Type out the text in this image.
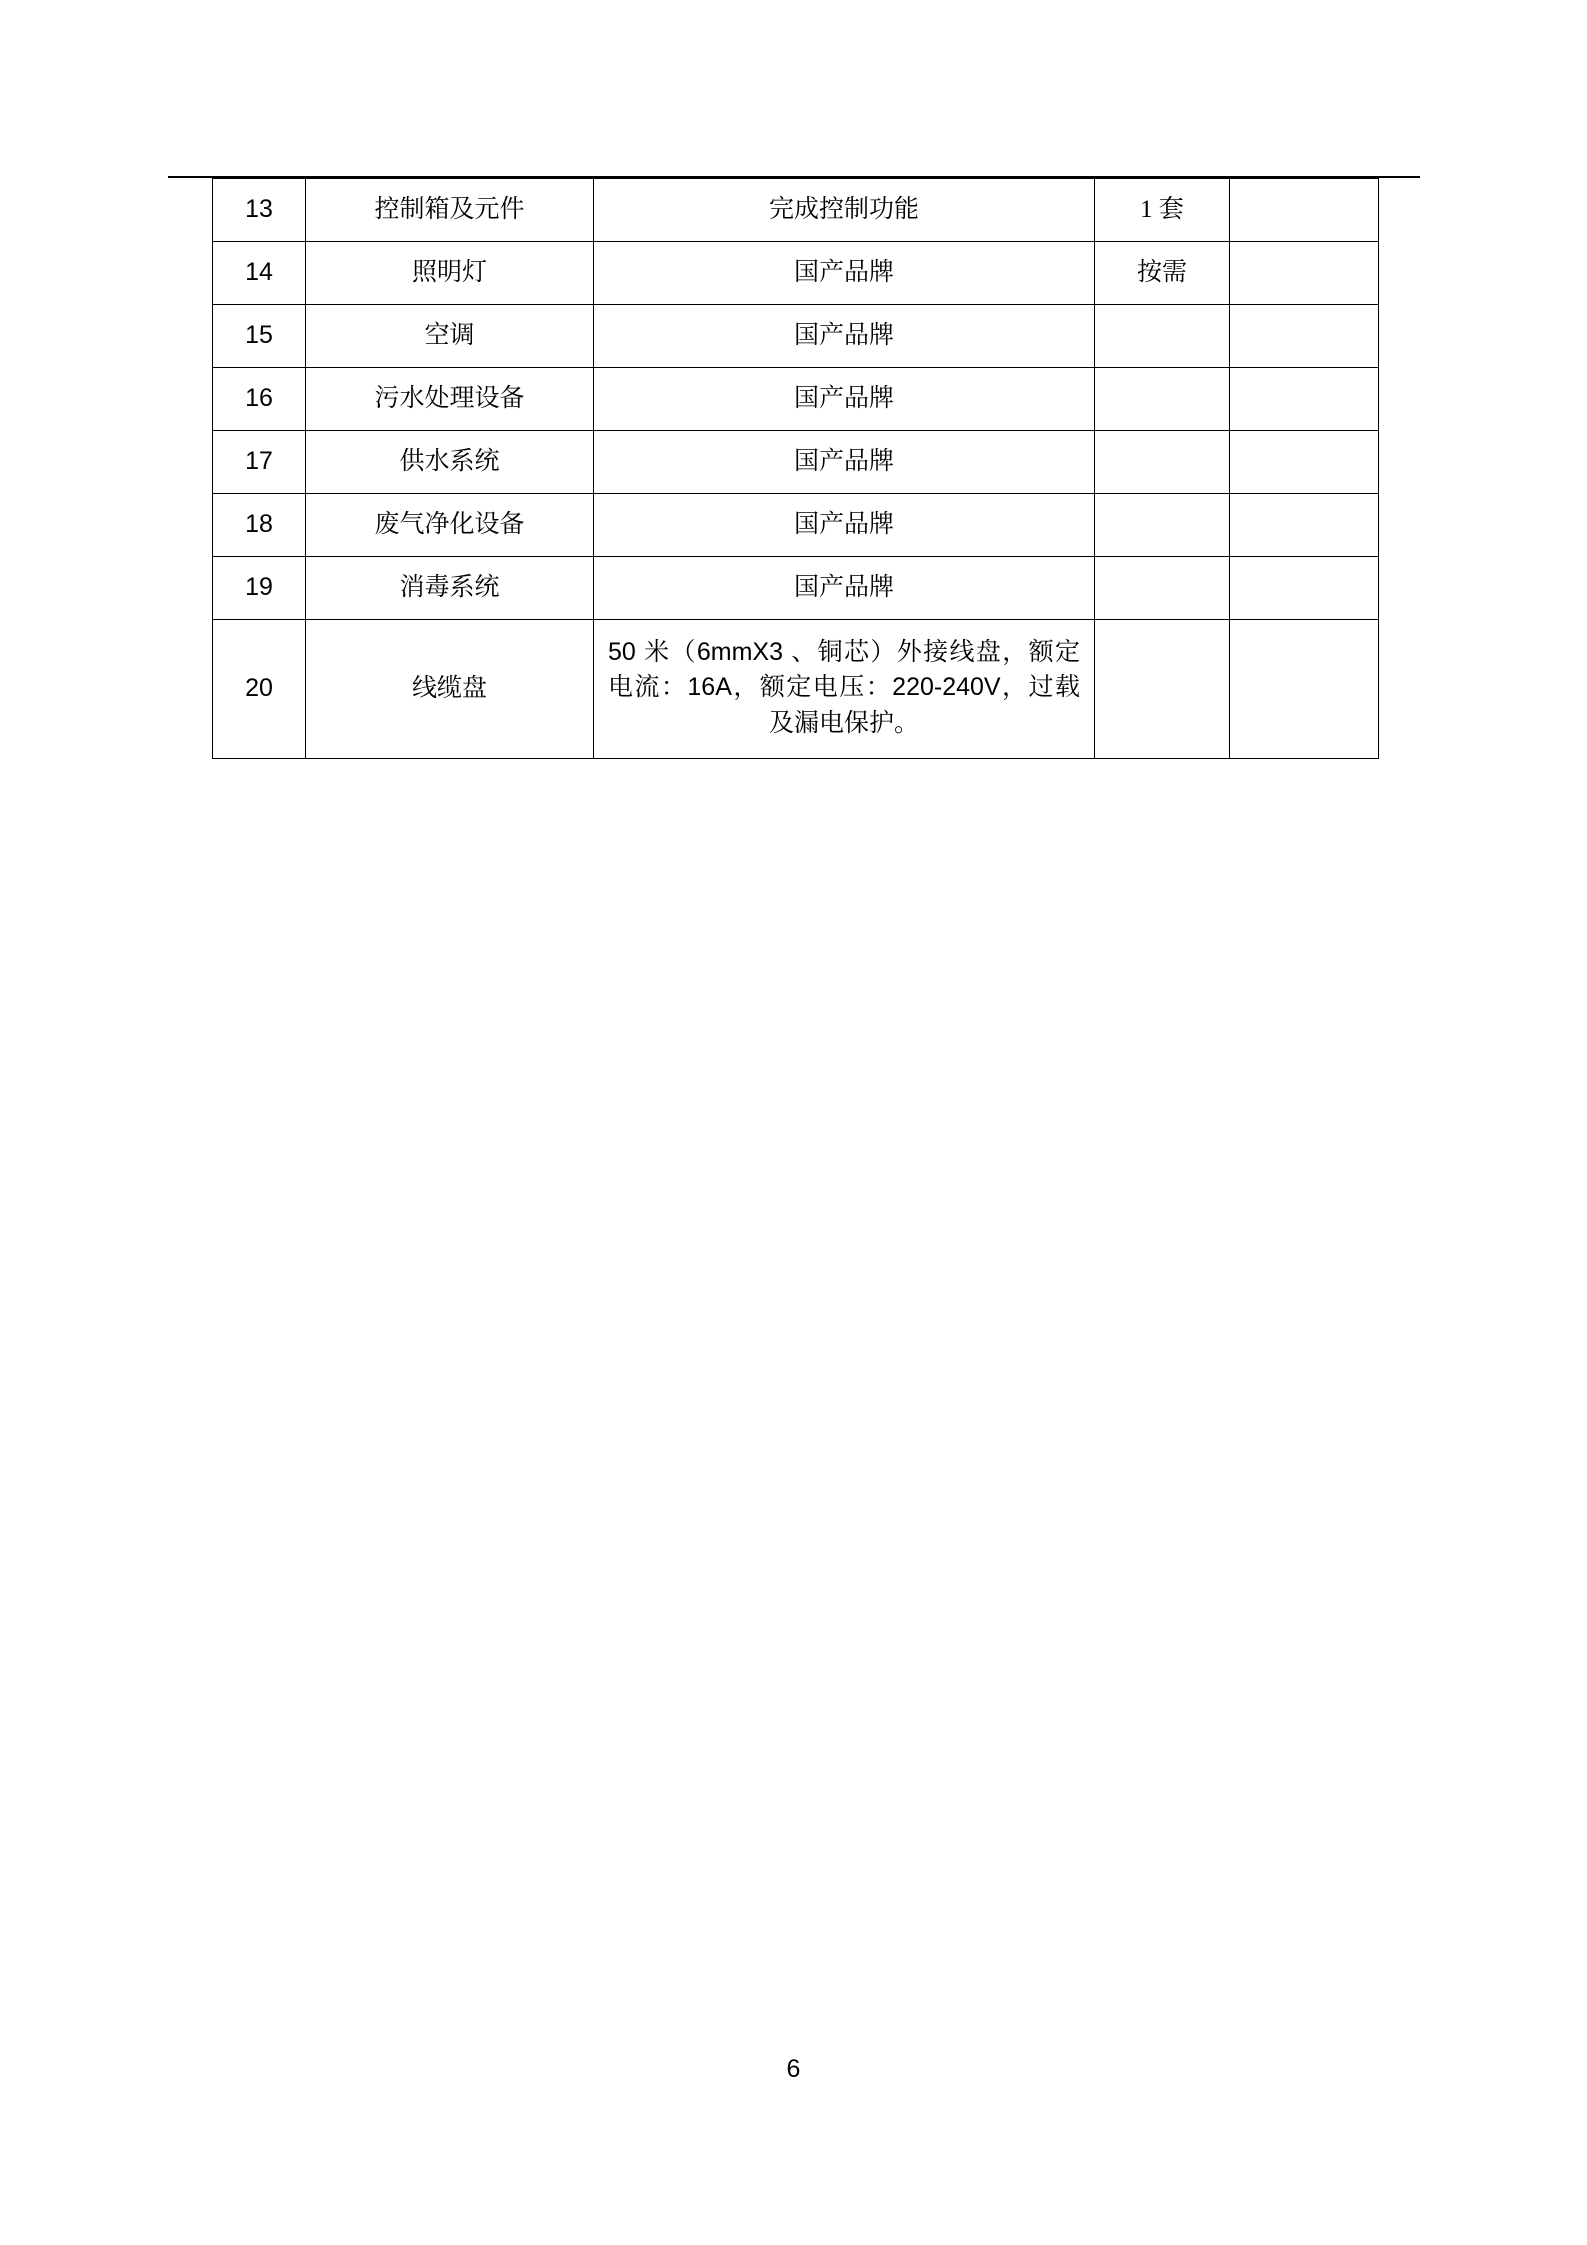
13	控制箱及元件	完成控制功能	1 套	
14	照明灯	国产品牌	按需	
15	空调	国产品牌		
16	污水处理设备	国产品牌		
17	供水系统	国产品牌		
18	废气净化设备	国产品牌		
19	消毒系统	国产品牌		
20	线缆盘	50 米（6mmX3 、铜芯）外接线盘，额定电流：16A，额定电压：220-240V，过载及漏电保护。		

6
